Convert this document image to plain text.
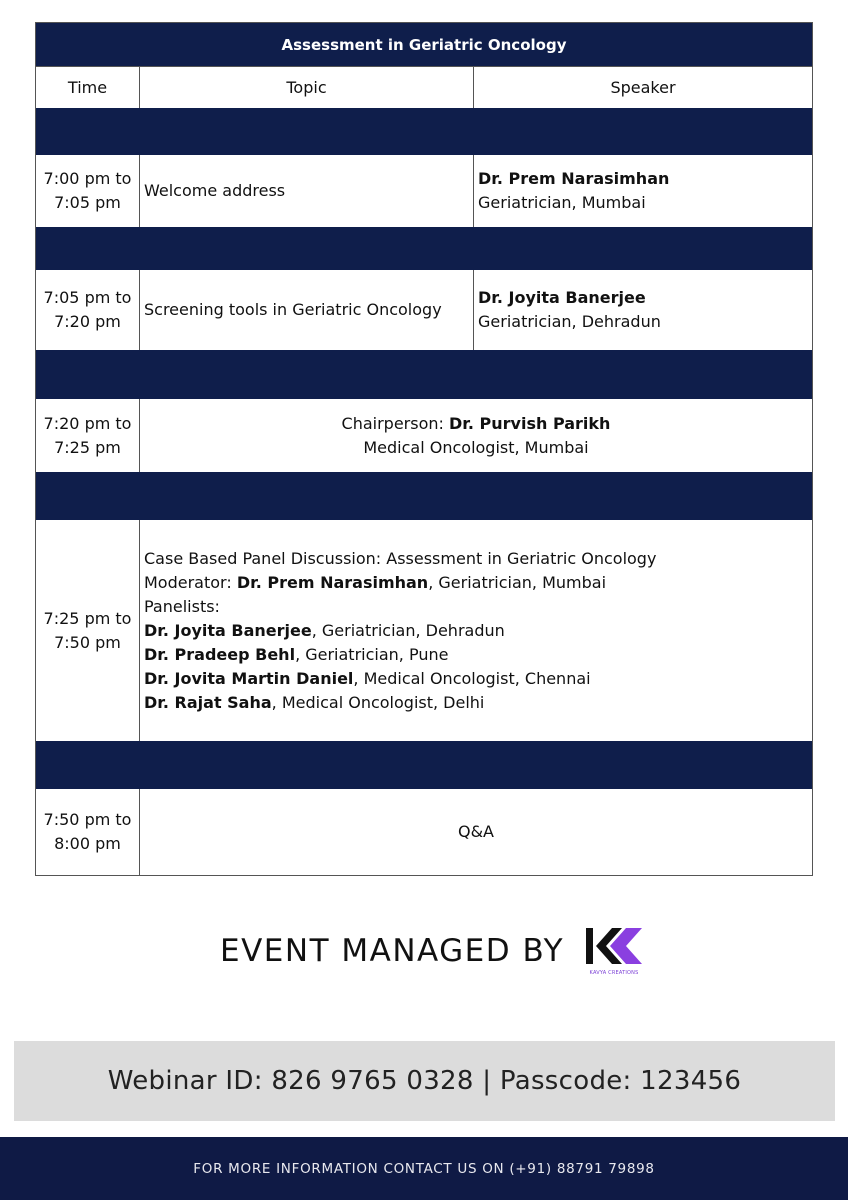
Assessment in Geriatric Oncology
Time	Topic	Speaker
7:00 pm to
7:05 pm
Welcome address
Dr. Prem Narasimhan
Geriatrician, Mumbai
7:05 pm to
7:20 pm
Screening tools in Geriatric Oncology
Dr. Joyita Banerjee
Geriatrician, Dehradun
7:20 pm to
7:25 pm
Chairperson: Dr. Purvish Parikh
Medical Oncologist, Mumbai
7:25 pm to
7:50 pm
Case Based Panel Discussion: Assessment in Geriatric Oncology
Moderator: Dr. Prem Narasimhan, Geriatrician, Mumbai
Panelists:
Dr. Joyita Banerjee, Geriatrician, Dehradun
Dr. Pradeep Behl, Geriatrician, Pune
Dr. Jovita Martin Daniel, Medical Oncologist, Chennai
Dr. Rajat Saha, Medical Oncologist, Delhi
7:50 pm to
8:00 pm
Q&A
EVENT MANAGED BY
KAVYA CREATIONS
Webinar ID: 826 9765 0328 | Passcode: 123456
FOR MORE INFORMATION CONTACT US ON (+91) 88791 79898
